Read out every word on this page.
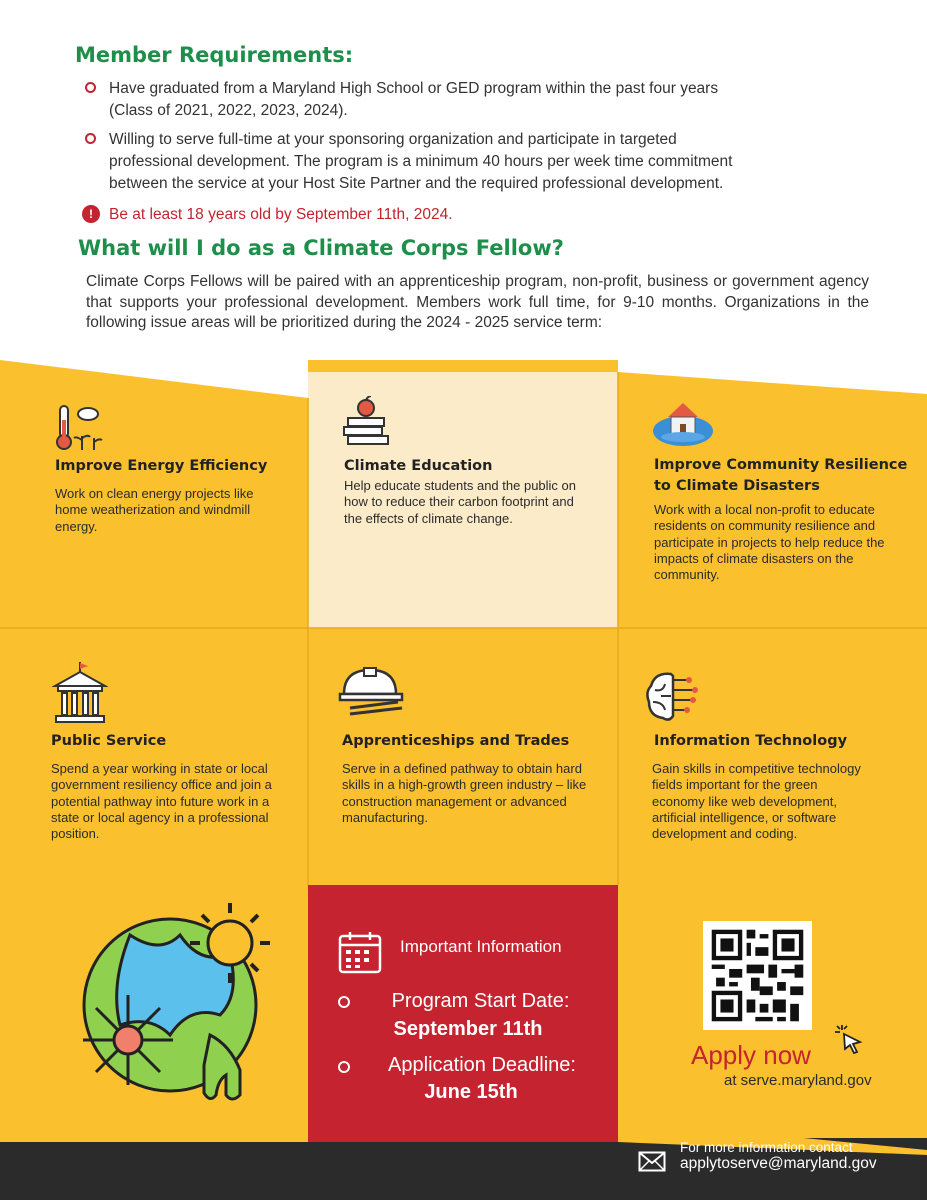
Member Requirements:
Have graduated from a Maryland High School or GED program within the past four years
(Class of 2021, 2022, 2023, 2024).
Willing to serve full-time at your sponsoring organization and participate in targeted
professional development. The program is a minimum 40 hours per week time commitment
between the service at your Host Site Partner and the required professional development.
!	Be at least 18 years old by September 11th, 2024.
What will I do as a Climate Corps Fellow?
Climate Corps Fellows will be paired with an apprenticeship program, non-profit, business or government agency that supports your professional development. Members work full time, for 9-10 months. Organizations in the following issue areas will be prioritized during the 2024 - 2025 service term:
Improve Energy Efficiency
Work on clean energy projects like home weatherization and windmill energy.
Climate Education
Help educate students and the public on how to reduce their carbon footprint and the effects of climate change.
Improve Community Resilience to Climate Disasters
Work with a local non-profit to educate residents on community resilience and participate in projects to help reduce the impacts of climate disasters on the community.
Public Service
Spend a year working in state or local government resiliency office and join a potential pathway into future work in a state or local agency in a professional position.
Apprenticeships and Trades
Serve in a defined pathway to obtain hard skills in a high-growth green industry – like construction management or advanced manufacturing.
Information Technology
Gain skills in competitive technology fields important for the green economy like web development, artificial intelligence, or software development and coding.
Important Information
Program Start Date:
September 11th
Application Deadline:
June 15th
Apply now
at serve.maryland.gov
For more information contact
applytoserve@maryland.gov
